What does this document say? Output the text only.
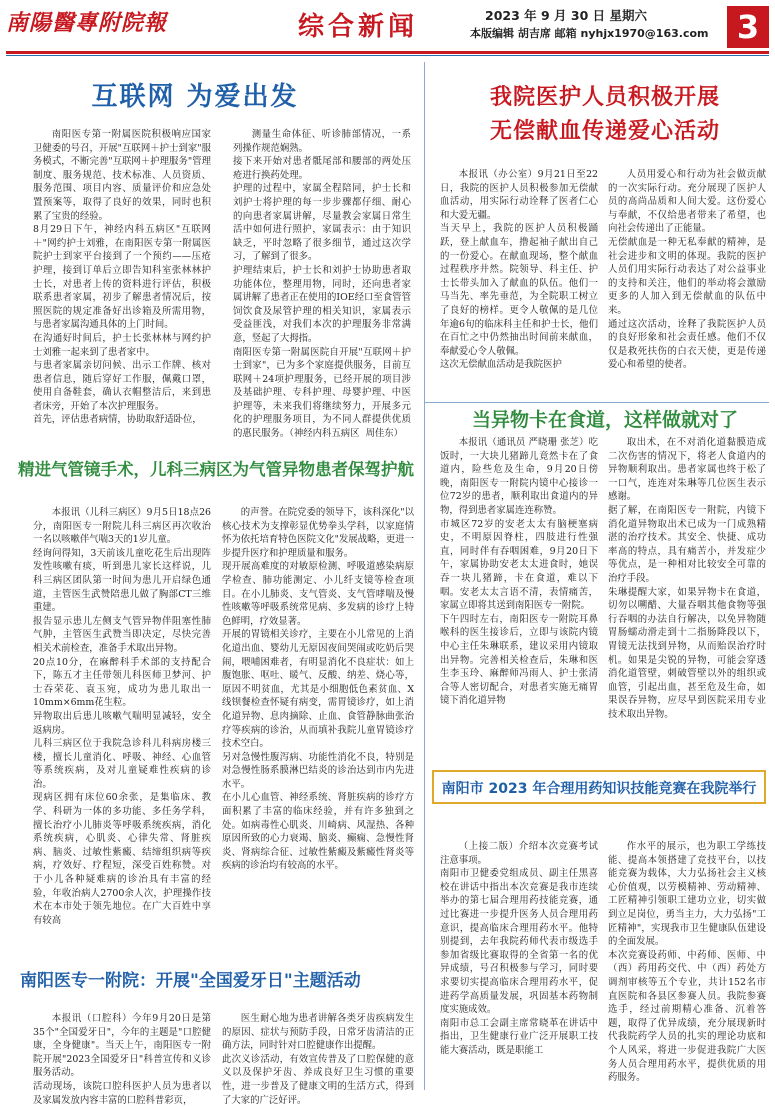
南陽醫專附院報	综合新闻	2023 年 9 月 30 日 星期六
本版编辑 胡吉席 邮箱 nyhjx1970@163.com 3
互联网 为爱出发
南阳医专第一附属医院积极响应国家卫健委的号召，开展"互联网＋护士到家"服务模式，不断完善"互联网＋护理服务"管理制度、服务规范、技术标准、人员资质、服务范围、项目内容、质量评价和应急处置预案等，取得了良好的效果，同时也积累了宝贵的经验。
8月29日下午，神经内科五病区"互联网＋"网约护士刘雅，在南阳医专第一附属医院护士到家平台接到了一个预约——压疮护理，接到订单后立即告知科室张林林护士长，对患者上传的资料进行评估，积极联系患者家属，初步了解患者情况后，按照医院的规定准备好出诊箱及所需用物，与患者家属沟通具体的上门时间。
在沟通好时间后，护士长张林林与网约护士刘雅一起来到了患者家中。
与患者家属亲切问候、出示工作牌、核对患者信息，随后穿好工作服，佩戴口罩，使用自备鞋套，确认衣帽整洁后，来到患者床旁，开始了本次护理服务。
首先，评估患者病情，协助取舒适卧位，
测量生命体征、听诊肺部情况，一系列操作规范娴熟。
接下来开始对患者骶尾部和腰部的两处压疮进行换药处理。
护理的过程中，家属全程陪同，护士长和刘护士将护理的每一步步骤都仔细、耐心的向患者家属讲解，尽量教会家属日常生活中如何进行照护，家属表示：由于知识缺乏，平时忽略了很多细节，通过这次学习，了解到了很多。
护理结束后，护士长和刘护士协助患者取功能体位，整理用物，同时，还向患者家属讲解了患者正在使用的IOE经口至食管管饲饮食及尿管护理的相关知识，家属表示受益匪浅，对我们本次的护理服务非常满意，竖起了大拇指。
南阳医专第一附属医院自开展"互联网＋护士到家"，已为多个家庭提供服务，目前互联网＋24项护理服务，已经开展的项目涉及基础护理、专科护理、母婴护理、中医护理等，未来我们将继续努力，开展多元化的护理服务项目，为不同人群提供优质的惠民服务。（神经内科五病区  周佳东）
我院医护人员积极开展
无偿献血传递爱心活动
本报讯（办公室）9月21日至22日，我院的医护人员积极参加无偿献血活动，用实际行动诠释了医者仁心和大爱无疆。
当天早上，我院的医护人员积极踊跃，登上献血车，撸起袖子献出自己的一份爱心。在献血现场，整个献血过程秩序井然。院领导、科主任、护士长带头加入了献血的队伍。他们一马当先、率先垂范，为全院职工树立了良好的榜样。更令人敬佩的是几位年逾6旬的临床科主任和护士长，他们在百忙之中仍然抽出时间前来献血，奉献爱心令人敬佩。
这次无偿献血活动是我院医护
人员用爱心和行动为社会做贡献的一次实际行动。充分展现了医护人员的高尚品质和人间大爱。这份爱心与奉献，不仅给患者带来了希望，也向社会传递出了正能量。
无偿献血是一种无私奉献的精神，是社会进步和文明的体现。我院的医护人员们用实际行动表达了对公益事业的支持和关注，他们的举动将会激励更多的人加入到无偿献血的队伍中来。
通过这次活动，诠释了我院医护人员的良好形象和社会责任感。他们不仅仅是救死扶伤的白衣天使，更是传递爱心和希望的使者。
精进气管镜手术，儿科三病区为气管异物患者保驾护航
本报讯（儿科三病区）9月5日18点26分，南阳医专一附院儿科三病区再次收治一名以咳嗽伴气喘3天的1岁儿童。
经询问得知，3天前该儿童吃花生后出现阵发性咳嗽有痰，听到患儿家长这样说，儿科三病区团队第一时间为患儿开启绿色通道，主管医生武赞陪患儿做了胸部CT三维重建。
报告显示患儿左侧支气管异物伴阻塞性肺气肿，主管医生武赞当即决定，尽快完善相关术前检查，准备手术取出异物。
20点10分，在麻醉科手术部的支持配合下，陈五才主任带领儿科医师卫梦河、护士吞荣花、袁玉宛，成功为患儿取出一10mm×6mm花生粒。
异物取出后患儿咳嗽气喘明显减轻，安全返病房。
儿科三病区位于我院急诊科儿科病房楼三楼，擅长儿童消化、呼吸、神经、心血管等系统疾病，及对儿童疑难性疾病的诊治。
现病区拥有床位60余张，是集临床、教学、科研为一体的多功能、多任务学科，擅长治疗小儿肺炎等呼吸系统疾病，消化系统疾病，心肌炎、心律失常、肾脏疾病、脑炎、过敏性紫癜、结缔组织病等疾病，疗效好、疗程短，深受百姓称赞。对于小儿各种疑难病的诊治具有丰富的经验，年收治病人2700余人次，护理操作技术在本市处于领先地位。在广大百姓中享有较高
的声誉。在院党委的领导下，该科深化"以核心技术为支撑彰显优势拳头学科，以家庭情怀为依托培育特色医院文化"发展战略，更进一步提升医疗和护理质量和服务。
现开展高难度的对敏原检测、呼吸道感染病原学检查、肺功能测定、小儿纤支镜等检查项目。在小儿肺炎、支气管炎、支气管哮喘及慢性咳嗽等呼吸系统常见病、多发病的诊疗上特色鲜明，疗效显著。
开展的胃镜相关诊疗，主要在小儿常见的上消化道出血、婴幼儿无原因夜间哭闹或吃奶后哭闹，喂哺困难者，有明显消化不良症状：如上腹饱胀、呕吐、暖气、反酸、纳差、烧心等，原因不明贫血，尤其是小细胞低色素贫血、X线钡餐检查怀疑有病变，需胃镜诊疗，如上消化道异物、息肉摘除、止血、食管静脉曲张治疗等疾病的诊治，从而填补我院儿童胃镜诊疗技术空白。
另对急慢性腹泻病、功能性消化不良，特别是对急慢性肠系膜淋巴结炎的诊治达到市内先进水平。
在小儿心血管、神经系统、肾脏疾病的诊疗方面积累了丰富的临床经验，并有许多独到之处。如病毒性心肌炎、川崎病、风湿热、各种原因所致的心力衰竭、脑炎、癫痫、急慢性肾炎、肾病综合征、过敏性紫癜及紫癜性肾炎等疾病的诊治均有较高的水平。
当异物卡在食道，这样做就对了
本报讯（通讯员 严晓珊 张芝）吃饭时，一大块儿猪蹄儿竟然卡在了食道内，险些危及生命，9月20日傍晚，南阳医专一附院内镜中心接诊一位72岁的患者，顺利取出食道内的异物，得到患者家属连连称赞。
市城区72岁的安老太太有脑梗塞病史，不明原因脊柱，四肢进行性强直，同时伴有吞咽困难，9月20日下午，家属协助安老太太进食时，她误吞一块儿猪蹄，卡在食道，难以下咽。安老太太言语不清，表情痛苦，家属立即将其送到南阳医专一附院。
下午四时左右，南阳医专一附院耳鼻喉科的医生接诊后，立即与该院内镜中心主任朱琳联系，建议采用内镜取出异物。完善相关检查后，朱琳和医生李玉玲、麻醉师冯雨人、护士张清合等人密切配合，对患者实施无痛胃镜下消化道异物
取出术，在不对消化道黏膜造成二次伤害的情况下，将老人食道内的异物顺利取出。患者家属也终于松了一口气，连连对朱琳等几位医生表示感谢。
据了解，在南阳医专一附院，内镜下消化道异物取出术已成为一门成熟精湛的治疗技术。其安全、快捷、成功率高的特点，具有痛苦小，并发症少等优点，是一种相对比较安全可靠的治疗手段。
朱琳提醒大家，如果异物卡在食道，切勿以嗍醋、大量吞咽其他食物等强行吞咽的办法自行解决，以免异物随胃肠蠕动滑走到十二指肠降段以下，胃镜无法找到异物，从而贻误治疗时机。如果是尖锐的异物，可能会穿透消化道管壁，刺破管壁以外的组织或血管，引起出血，甚至危及生命，如果误吞异物，应尽早到医院采用专业技术取出异物。
南阳市 2023 年合理用药知识技能竞赛在我院举行
（上接二版）介绍本次竞赛考试注意事项。
南阳市卫健委党组成员、副主任黑喜校在讲话中指出本次竞赛是我市连续举办的第七届合理用药技能竞赛，通过比赛进一步提升医务人员合理用药意识，提高临床合理用药水平。他特别提到，去年我院药师代表市级选手参加省级比赛取得的全省第一名的优异成绩，号召积极参与学习，同时要求要切实提高临床合理用药水平，促进药学高质量发展，巩固基本药物制度实施成效。
南阳市总工会副主席常晓革在讲话中指出，卫生健康行业广泛开展职工技能大赛活动，既是职能工
作水平的展示，也为职工学练技能、提高本领搭建了竞技平台，以技能竞赛为载体，大力弘扬社会主义核心价值观，以劳模精神、劳动精神、工匠精神引领职工建功立业，切实做到立足岗位，勇当主力，大力弘扬"工匠精神"，实现我市卫生健康队伍建设的全面发展。
本次竞赛设药师、中药师、医师、中（西）药用药交代、中（西）药处方调剂审核等五个专业，共计152名市直医院和各县区参赛人员。我院参赛选手，经过前期精心准备、沉着答题，取得了优异成绩，充分展现新时代我院药学人员的扎实的理论功底和个人风采，将进一步促进我院广大医务人员合理用药水平，提供优质的用药服务。
南阳医专一附院：开展"全国爱牙日"主题活动
本报讯（口腔科）今年9月20日是第35个"全国爱牙日"，今年的主题是"口腔健康，全身健康"。当天上午，南阳医专一附院开展"2023全国爱牙日"科普宣传和义诊服务活动。
活动现场，该院口腔科医护人员为患者以及家属发放内容丰富的口腔科普彩页，
医生耐心地为患者讲解各类牙齿疾病发生的原因、症状与预防手段，日常牙齿清洁的正确方法，同时针对口腔健康作出提醒。
此次义诊活动，有效宣传普及了口腔保健的意义以及保护牙齿、养成良好卫生习惯的重要性，进一步普及了健康文明的生活方式，得到了大家的广泛好评。
